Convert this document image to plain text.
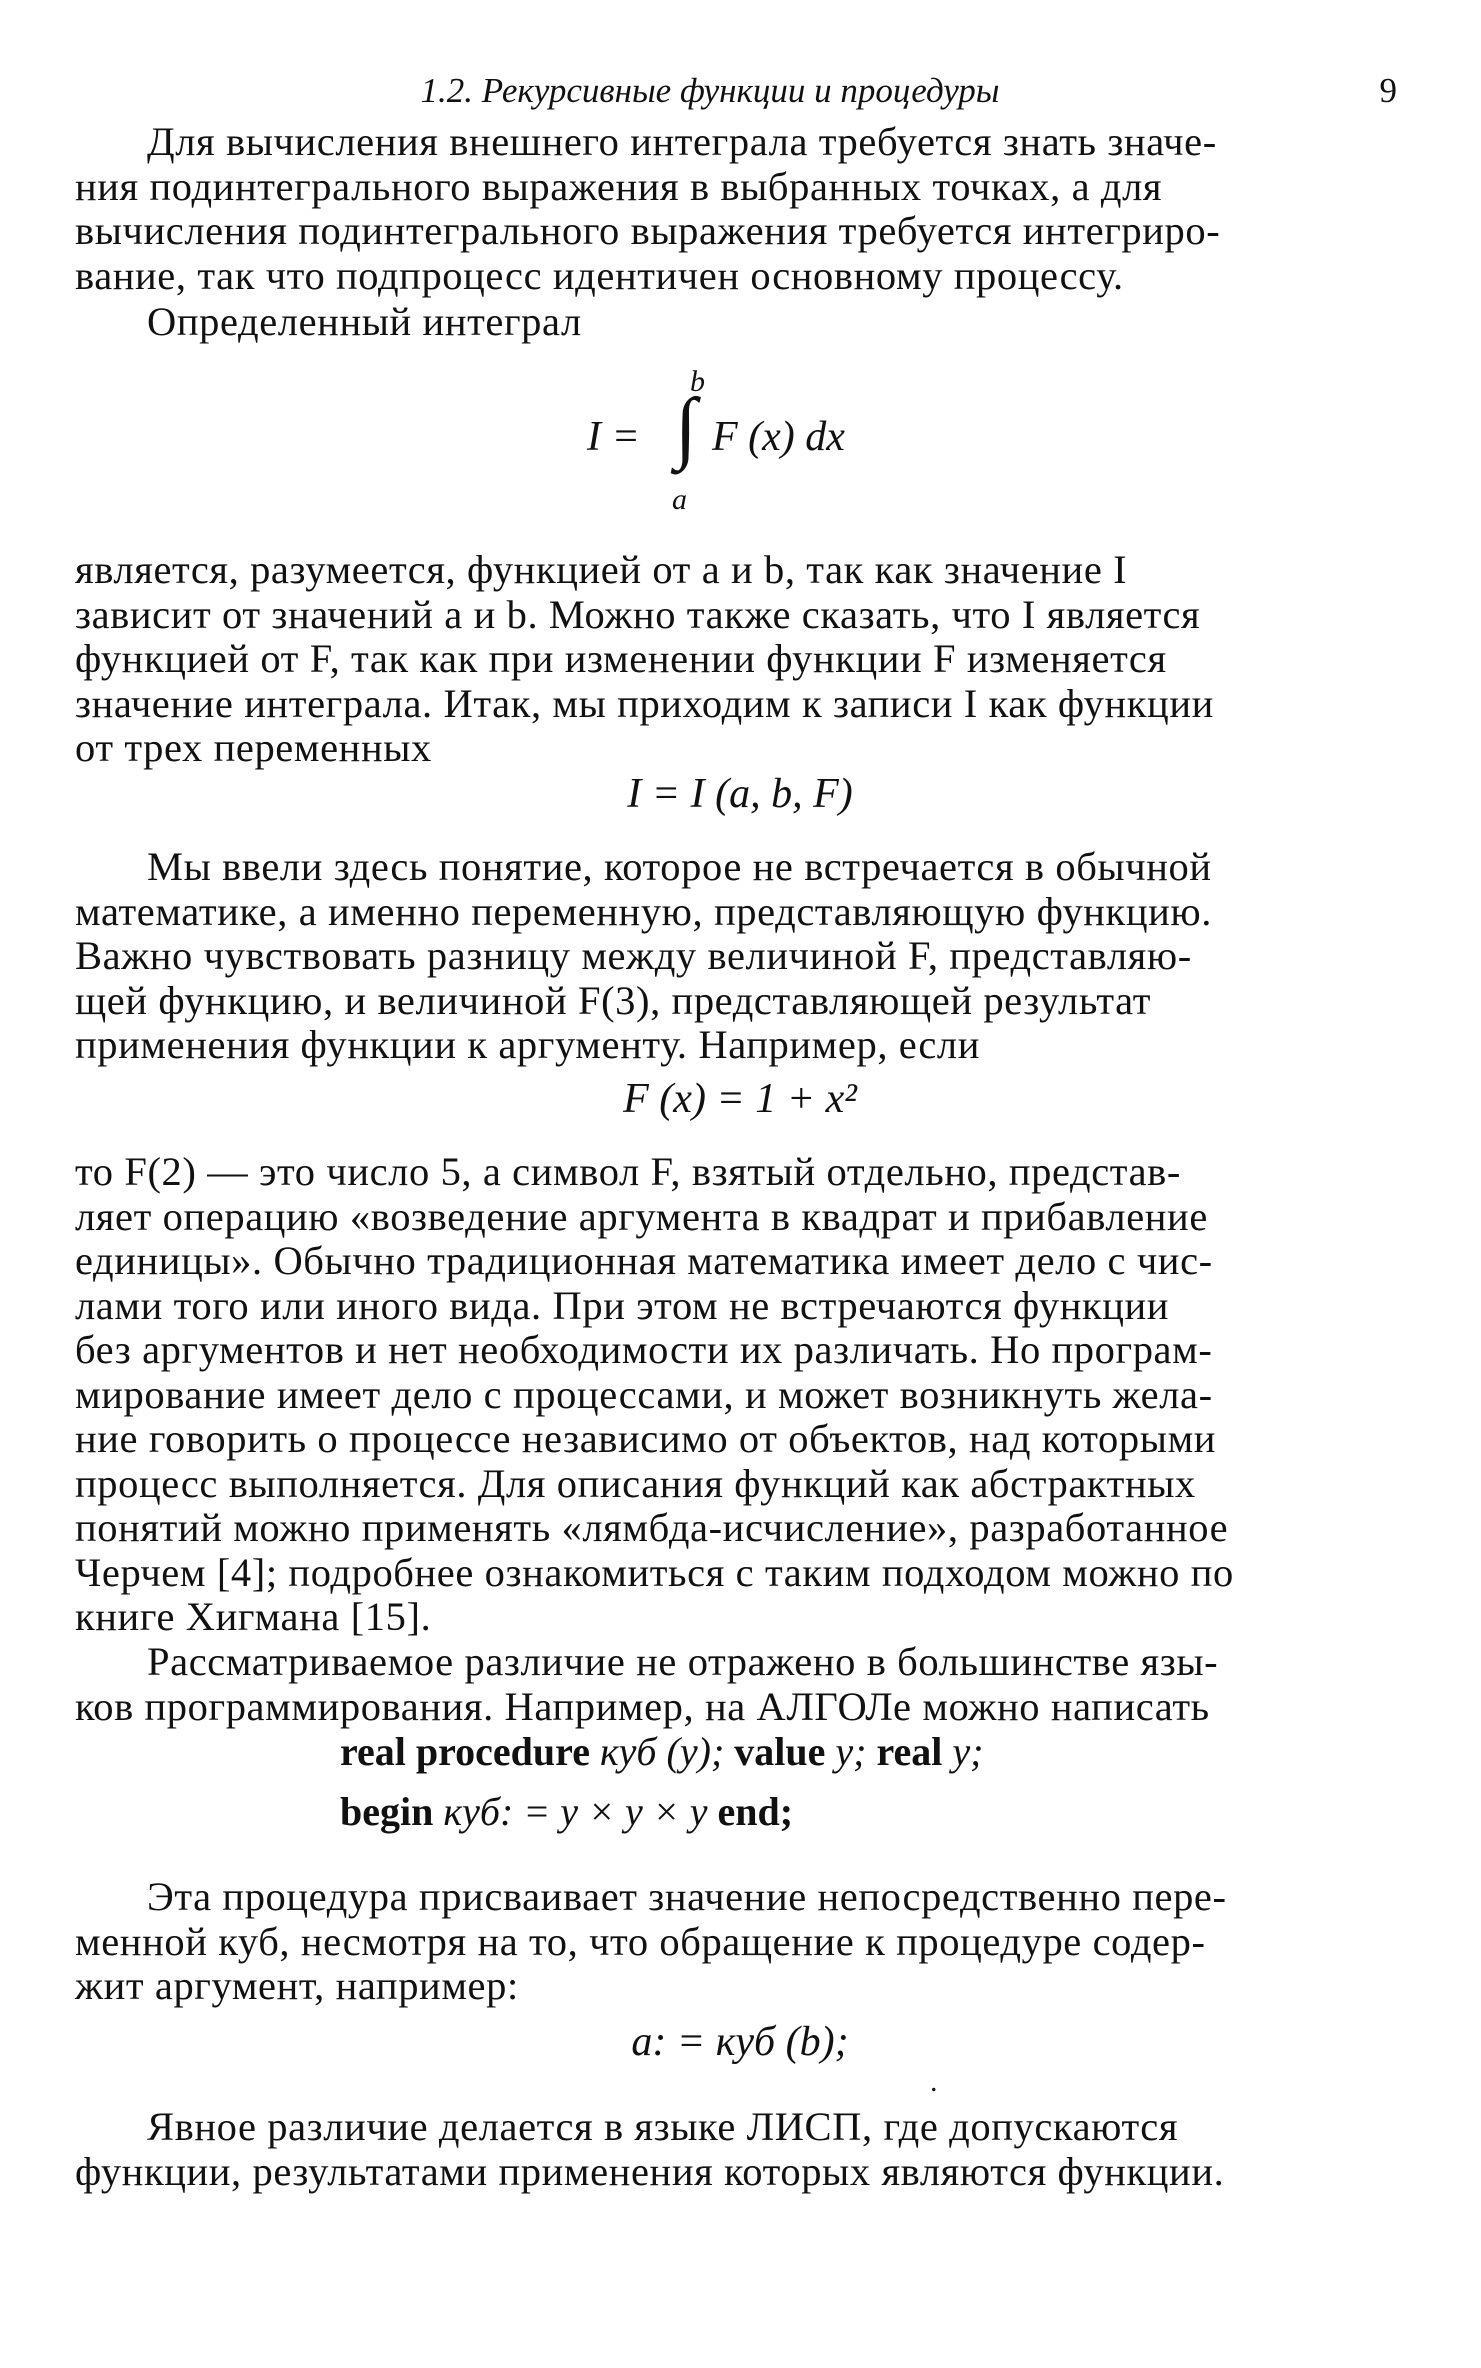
1.2. Рекурсивные функции и процедуры	9
Для вычисления внешнего интеграла требуется знать значе-
ния подинтегрального выражения в выбранных точках, а для
вычисления подинтегрального выражения требуется интегриро-
вание, так что подпроцесс идентичен основному процессу.
Определенный интеграл
b
I = ∫ F (x) dx
a
является, разумеется, функцией от a и b, так как значение I
зависит от значений a и b. Можно также сказать, что I является
функцией от F, так как при изменении функции F изменяется
значение интеграла. Итак, мы приходим к записи I как функции
от трех переменных
I = I (a, b, F)
Мы ввели здесь понятие, которое не встречается в обычной
математике, а именно переменную, представляющую функцию.
Важно чувствовать разницу между величиной F, представляю-
щей функцию, и величиной F(3), представляющей результат
применения функции к аргументу. Например, если
F (x) = 1 + x²
то F(2) — это число 5, а символ F, взятый отдельно, представ-
ляет операцию «возведение аргумента в квадрат и прибавление
единицы». Обычно традиционная математика имеет дело с чис-
лами того или иного вида. При этом не встречаются функции
без аргументов и нет необходимости их различать. Но програм-
мирование имеет дело с процессами, и может возникнуть жела-
ние говорить о процессе независимо от объектов, над которыми
процесс выполняется. Для описания функций как абстрактных
понятий можно применять «лямбда-исчисление», разработанное
Черчем [4]; подробнее ознакомиться с таким подходом можно по
книге Хигмана [15].
Рассматриваемое различие не отражено в большинстве язы-
ков программирования. Например, на АЛГОЛе можно написать
real procedure куб (y); value y; real y;
begin куб: = y × y × y end;
Эта процедура присваивает значение непосредственно пере-
менной куб, несмотря на то, что обращение к процедуре содер-
жит аргумент, например:
a: = куб (b);
.
Явное различие делается в языке ЛИСП, где допускаются
функции, результатами применения которых являются функции.
